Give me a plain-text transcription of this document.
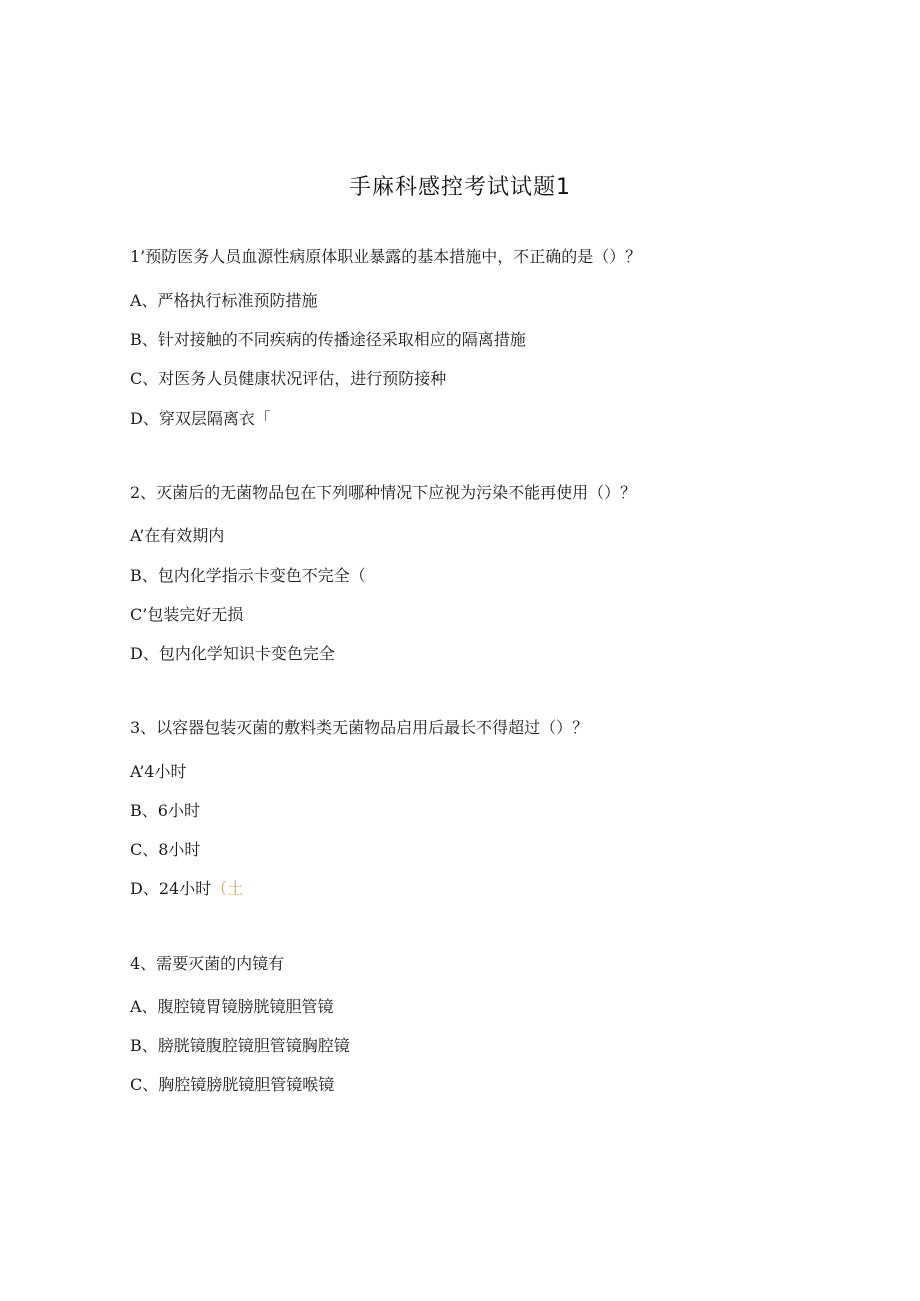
手麻科感控考试试题1
1’预防医务人员血源性病原体职业暴露的基本措施中，不正确的是（）？
A、严格执行标准预防措施
B、针对接触的不同疾病的传播途径采取相应的隔离措施
C、对医务人员健康状况评估，进行预防接种
D、穿双层隔离衣「
2、灭菌后的无菌物品包在下列哪种情况下应视为污染不能再使用（）？
A’在有效期内
B、包内化学指示卡变色不完全（
C’包装完好无损
D、包内化学知识卡变色完全
3、以容器包装灭菌的敷料类无菌物品启用后最长不得超过（）？
A’4小时
B、6小时
C、8小时
D、24小时（土
4、需要灭菌的内镜有
A、腹腔镜胃镜膀胱镜胆管镜
B、膀胱镜腹腔镜胆管镜胸腔镜
C、胸腔镜膀胱镜胆管镜喉镜
